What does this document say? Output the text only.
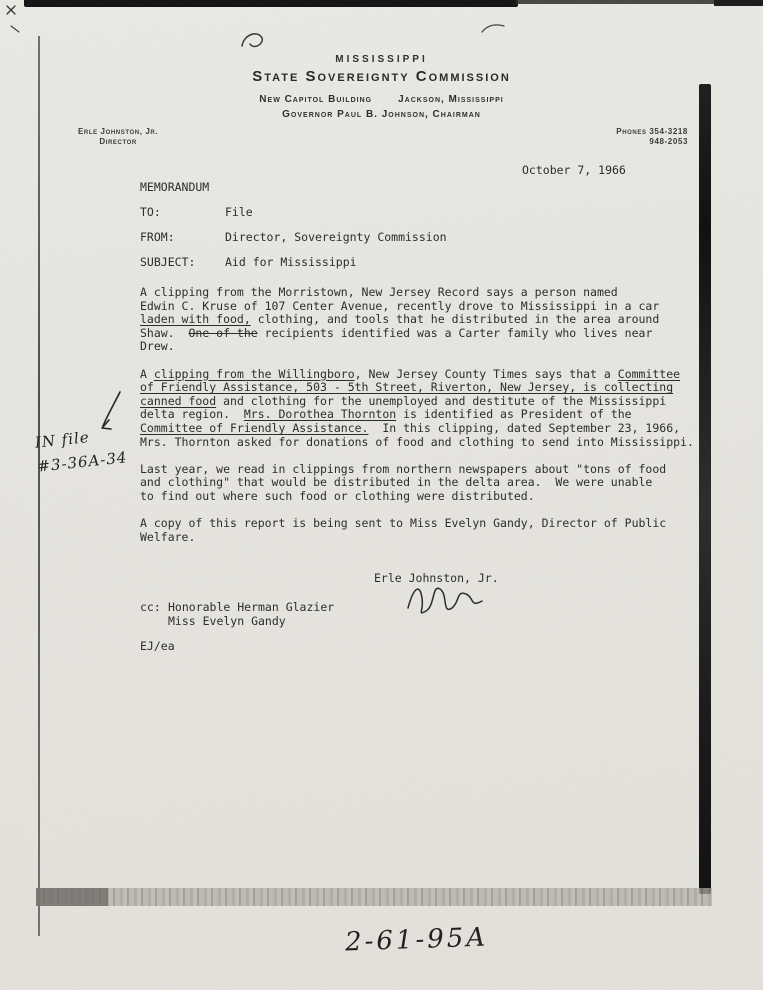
MISSISSIPPI
State Sovereignty Commission
New Capitol Building	Jackson, Mississippi
Governor Paul B. Johnson, Chairman
Erle Johnston, Jr.
Director
Phones 354-3218
948-2053
October 7, 1966
MEMORANDUM
TO:	File
FROM:	Director, Sovereignty Commission
SUBJECT:	Aid for Mississippi
A clipping from the Morristown, New Jersey Record says a person named
Edwin C. Kruse of 107 Center Avenue, recently drove to Mississippi in a car
laden with food, clothing, and tools that he distributed in the area around
Shaw.  One of the recipients identified was a Carter family who lives near
Drew.
A clipping from the Willingboro, New Jersey County Times says that a Committee
of Friendly Assistance, 503 - 5th Street, Riverton, New Jersey, is collecting
canned food and clothing for the unemployed and destitute of the Mississippi
delta region.  Mrs. Dorothea Thornton is identified as President of the
Committee of Friendly Assistance.  In this clipping, dated September 23, 1966,
Mrs. Thornton asked for donations of food and clothing to send into Mississippi.
Last year, we read in clippings from northern newspapers about "tons of food
and clothing" that would be distributed in the delta area.  We were unable
to find out where such food or clothing were distributed.
A copy of this report is being sent to Miss Evelyn Gandy, Director of Public
Welfare.
Erle Johnston, Jr.
cc: Honorable Herman Glazier
Miss Evelyn Gandy
EJ/ea
IN file
#3-36A-34
2-61-95A
